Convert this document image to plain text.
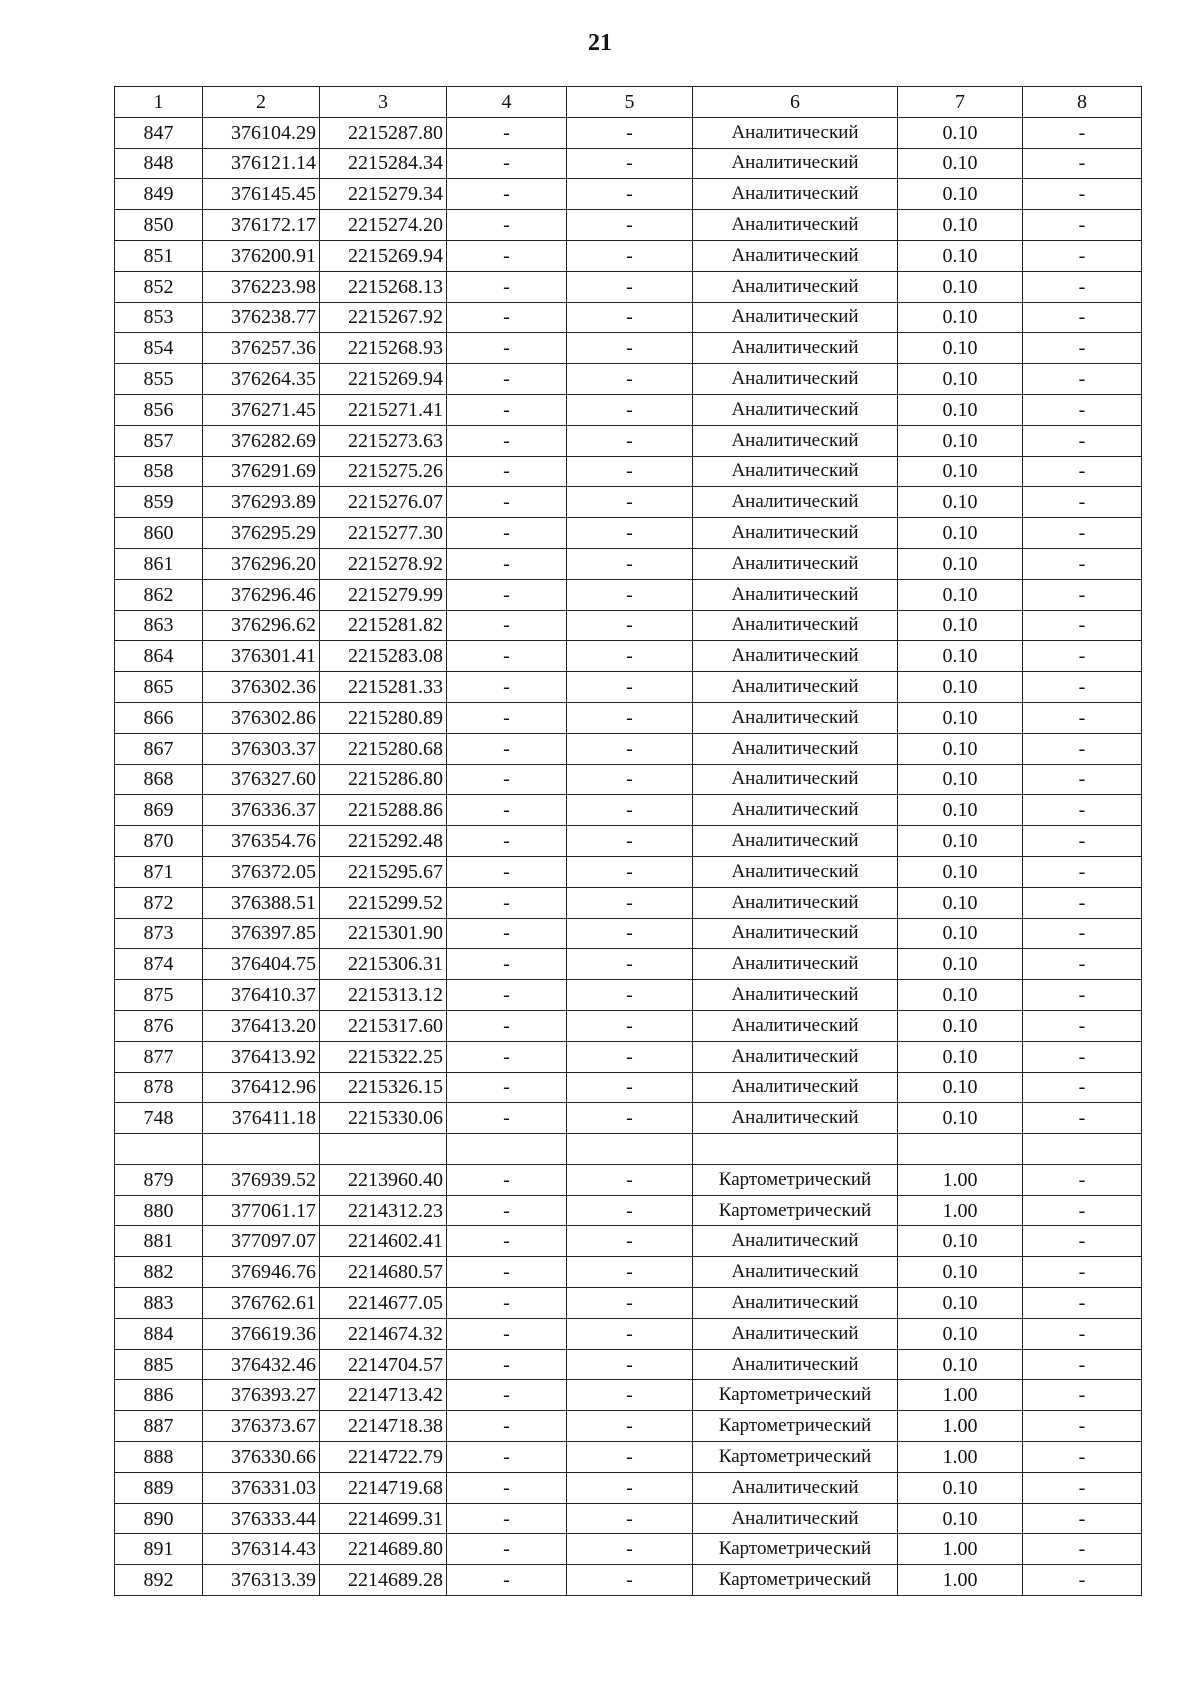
21
1	2	3	4	5	6	7	8
847	376104.29	2215287.80	-	-	Аналитический	0.10	-
848	376121.14	2215284.34	-	-	Аналитический	0.10	-
849	376145.45	2215279.34	-	-	Аналитический	0.10	-
850	376172.17	2215274.20	-	-	Аналитический	0.10	-
851	376200.91	2215269.94	-	-	Аналитический	0.10	-
852	376223.98	2215268.13	-	-	Аналитический	0.10	-
853	376238.77	2215267.92	-	-	Аналитический	0.10	-
854	376257.36	2215268.93	-	-	Аналитический	0.10	-
855	376264.35	2215269.94	-	-	Аналитический	0.10	-
856	376271.45	2215271.41	-	-	Аналитический	0.10	-
857	376282.69	2215273.63	-	-	Аналитический	0.10	-
858	376291.69	2215275.26	-	-	Аналитический	0.10	-
859	376293.89	2215276.07	-	-	Аналитический	0.10	-
860	376295.29	2215277.30	-	-	Аналитический	0.10	-
861	376296.20	2215278.92	-	-	Аналитический	0.10	-
862	376296.46	2215279.99	-	-	Аналитический	0.10	-
863	376296.62	2215281.82	-	-	Аналитический	0.10	-
864	376301.41	2215283.08	-	-	Аналитический	0.10	-
865	376302.36	2215281.33	-	-	Аналитический	0.10	-
866	376302.86	2215280.89	-	-	Аналитический	0.10	-
867	376303.37	2215280.68	-	-	Аналитический	0.10	-
868	376327.60	2215286.80	-	-	Аналитический	0.10	-
869	376336.37	2215288.86	-	-	Аналитический	0.10	-
870	376354.76	2215292.48	-	-	Аналитический	0.10	-
871	376372.05	2215295.67	-	-	Аналитический	0.10	-
872	376388.51	2215299.52	-	-	Аналитический	0.10	-
873	376397.85	2215301.90	-	-	Аналитический	0.10	-
874	376404.75	2215306.31	-	-	Аналитический	0.10	-
875	376410.37	2215313.12	-	-	Аналитический	0.10	-
876	376413.20	2215317.60	-	-	Аналитический	0.10	-
877	376413.92	2215322.25	-	-	Аналитический	0.10	-
878	376412.96	2215326.15	-	-	Аналитический	0.10	-
748	376411.18	2215330.06	-	-	Аналитический	0.10	-

879	376939.52	2213960.40	-	-	Картометрический	1.00	-
880	377061.17	2214312.23	-	-	Картометрический	1.00	-
881	377097.07	2214602.41	-	-	Аналитический	0.10	-
882	376946.76	2214680.57	-	-	Аналитический	0.10	-
883	376762.61	2214677.05	-	-	Аналитический	0.10	-
884	376619.36	2214674.32	-	-	Аналитический	0.10	-
885	376432.46	2214704.57	-	-	Аналитический	0.10	-
886	376393.27	2214713.42	-	-	Картометрический	1.00	-
887	376373.67	2214718.38	-	-	Картометрический	1.00	-
888	376330.66	2214722.79	-	-	Картометрический	1.00	-
889	376331.03	2214719.68	-	-	Аналитический	0.10	-
890	376333.44	2214699.31	-	-	Аналитический	0.10	-
891	376314.43	2214689.80	-	-	Картометрический	1.00	-
892	376313.39	2214689.28	-	-	Картометрический	1.00	-
